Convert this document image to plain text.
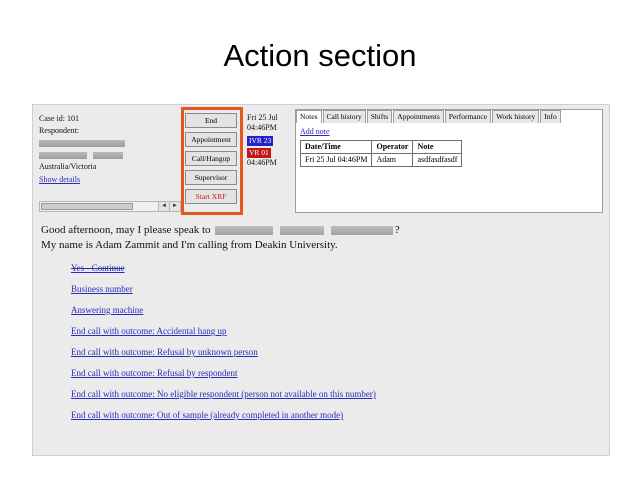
Action section
Case id: 101
Respondent:

Australia/Victoria
Show details
End
Appointment
Call/Hangup
Supervisor
Start XRF
Fri 25 Jul
04:46PM
IVR 23
VR 01
04:46PM
◄ ►
Notes	Call history	Shifts	Appointments	Performance	Work history	Info
Add note
Date/Time	Operator	Note
Fri 25 Jul 04:46PM	Adam	asdfasdfasdf
Good afternoon, may I please speak to	?
My name is Adam Zammit and I'm calling from Deakin University.
Yes - Continue
Business number
Answering machine
End call with outcome: Accidental hang up
End call with outcome: Refusal by unknown person
End call with outcome: Refusal by respondent
End call with outcome: No eligible respondent (person not available on this number)
End call with outcome: Out of sample (already completed in another mode)
